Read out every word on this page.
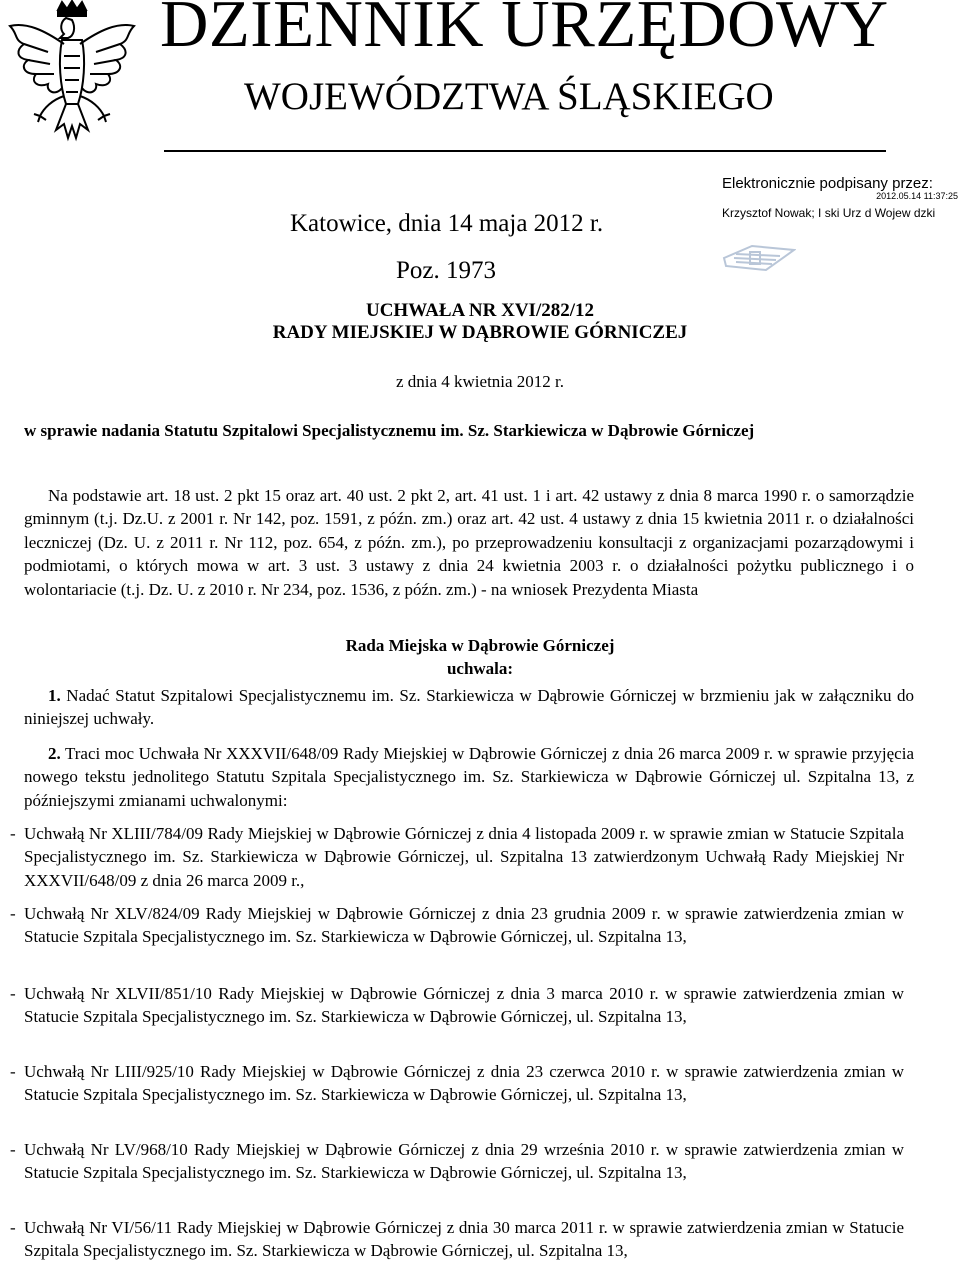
DZIENNIK URZĘDOWY
WOJEWÓDZTWA ŚLĄSKIEGO
Elektronicznie podpisany przez:
2012.05.14 11:37:25
Krzysztof Nowak; I ski Urz d Wojew dzki
Katowice, dnia 14 maja 2012 r.
Poz. 1973
UCHWAŁA NR XVI/282/12
RADY MIEJSKIEJ W DĄBROWIE GÓRNICZEJ
z dnia 4 kwietnia 2012 r.
w sprawie nadania Statutu Szpitalowi Specjalistycznemu im. Sz. Starkiewicza w Dąbrowie Górniczej
Na podstawie art. 18 ust. 2 pkt 15 oraz art. 40 ust. 2 pkt 2, art. 41 ust. 1 i art. 42 ustawy z dnia 8 marca 1990 r. o samorządzie gminnym (t.j. Dz.U. z 2001 r. Nr 142, poz. 1591, z późn. zm.) oraz art. 42 ust. 4 ustawy z dnia 15 kwietnia 2011 r. o działalności leczniczej (Dz. U. z 2011 r. Nr 112, poz. 654, z późn. zm.), po przeprowadzeniu konsultacji z organizacjami pozarządowymi i podmiotami, o których mowa w art. 3 ust. 3 ustawy z dnia 24 kwietnia 2003 r. o działalności pożytku publicznego i o wolontariacie (t.j. Dz. U. z 2010 r. Nr 234, poz. 1536, z późn. zm.) - na wniosek Prezydenta Miasta
Rada Miejska w Dąbrowie Górniczej
uchwala:
1. Nadać Statut Szpitalowi Specjalistycznemu im. Sz. Starkiewicza w Dąbrowie Górniczej w brzmieniu jak w załączniku do niniejszej uchwały.
2. Traci moc Uchwała Nr XXXVII/648/09 Rady Miejskiej w Dąbrowie Górniczej z dnia 26 marca 2009 r. w sprawie przyjęcia nowego tekstu jednolitego Statutu Szpitala Specjalistycznego im. Sz. Starkiewicza w Dąbrowie Górniczej ul. Szpitalna 13, z późniejszymi zmianami uchwalonymi:
- Uchwałą Nr XLIII/784/09 Rady Miejskiej w Dąbrowie Górniczej z dnia 4 listopada 2009 r. w sprawie zmian w Statucie Szpitala Specjalistycznego im. Sz. Starkiewicza w Dąbrowie Górniczej, ul. Szpitalna 13 zatwierdzonym Uchwałą Rady Miejskiej Nr XXXVII/648/09 z dnia 26 marca 2009 r.,
- Uchwałą Nr XLV/824/09 Rady Miejskiej w Dąbrowie Górniczej z dnia 23 grudnia 2009 r. w sprawie zatwierdzenia zmian w Statucie Szpitala Specjalistycznego im. Sz. Starkiewicza w Dąbrowie Górniczej, ul. Szpitalna 13,
- Uchwałą Nr XLVII/851/10 Rady Miejskiej w Dąbrowie Górniczej z dnia 3 marca 2010 r. w sprawie zatwierdzenia zmian w Statucie Szpitala Specjalistycznego im. Sz. Starkiewicza w Dąbrowie Górniczej, ul. Szpitalna 13,
- Uchwałą Nr LIII/925/10 Rady Miejskiej w Dąbrowie Górniczej z dnia 23 czerwca 2010 r. w sprawie zatwierdzenia zmian w Statucie Szpitala Specjalistycznego im. Sz. Starkiewicza w Dąbrowie Górniczej, ul. Szpitalna 13,
- Uchwałą Nr LV/968/10 Rady Miejskiej w Dąbrowie Górniczej z dnia 29 września 2010 r. w sprawie zatwierdzenia zmian w Statucie Szpitala Specjalistycznego im. Sz. Starkiewicza w Dąbrowie Górniczej, ul. Szpitalna 13,
- Uchwałą Nr VI/56/11 Rady Miejskiej w Dąbrowie Górniczej z dnia 30 marca 2011 r. w sprawie zatwierdzenia zmian w Statucie Szpitala Specjalistycznego im. Sz. Starkiewicza w Dąbrowie Górniczej, ul. Szpitalna 13,
